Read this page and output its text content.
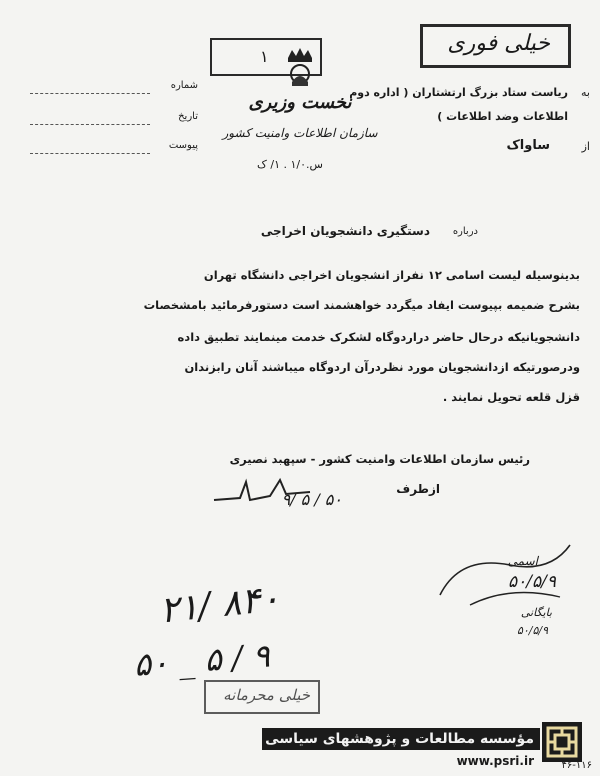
۱
خیلی فوری
شماره
تاریخ
پیوست
نخست وزیری
سازمان اطلاعات وامنیت کشور
س.۱/۰ . ۱/ ک
به
ریاست ستاد بزرگ ارتشتاران ( اداره دوم
اطلاعات وضد اطلاعات )
از
ساواک
درباره
دستگیری دانشجویان اخراجی
بدینوسیله لیست اسامی ۱۲ نفراز انشجویان اخراجی دانشگاه تهران
بشرح ضمیمه بپیوست ایفاد میگردد خواهشمند است دستورفرمائید بامشخصات
دانشجویانیکه درحال حاضر دراردوگاه لشکرک خدمت مینمایند تطبیق داده
ودرصورتیکه ازدانشجویان مورد نظردرآن اردوگاه میباشند آنان رابزندان
قزل قلعه تحویل نمایند .
رئیس سازمان اطلاعات وامنیت کشور - سپهبد نصیری
ازطرف
۹/ ۵ / ۵۰
اسمی
۵۰/۵/۹
بایگانی
۵۰/۵/۹
۲۱/ ۸۴۰
۵۰ _ ۵ / ۹
خیلی محرمانه
مؤسسه مطالعات و پژوهشهای سیاسی
www.psri.ir	۴۶-۱۱۶
